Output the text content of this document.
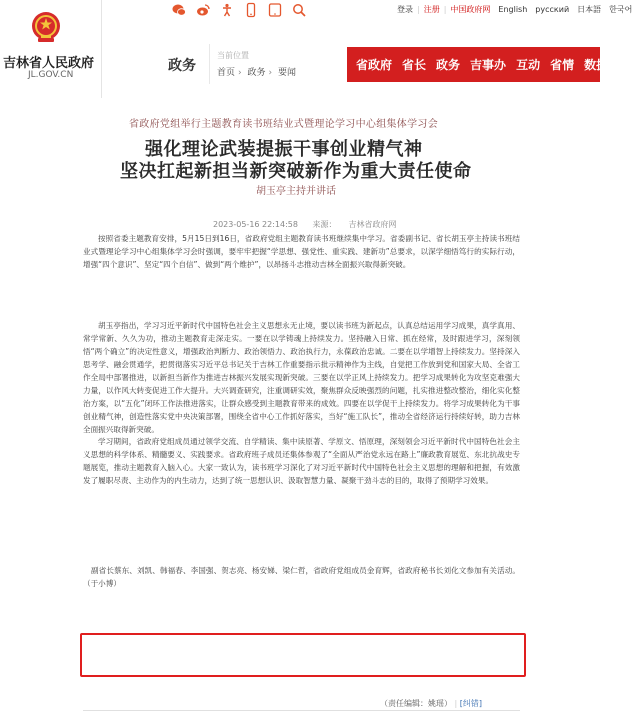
吉林省人民政府
JL.GOV.CN
登录 | 注册 | 中国政府网	English	русский	日本語	한국어
政务
当前位置
首页 › 政务 › 要闻
省政府 省长 政务 吉事办 互动 省情 数据
省政府党组举行主题教育读书班结业式暨理论学习中心组集体学习会
强化理论武装提振干事创业精气神
坚决扛起新担当新突破新作为重大责任使命
胡玉亭主持并讲话
2023-05-16 22:14:58 来源： 吉林省政府网

按照省委主题教育安排，5月15日到16日，省政府党组主题教育读书班继续集中学习。省委副书记、省长胡玉亭主持读书班结业式暨理论学习中心组集体学习会时强调，要牢牢把握“学思想、强党性、重实践、建新功”总要求，以深学细悟笃行的实际行动，增强“四个意识”、坚定“四个自信”、做到“两个维护”，以昂扬斗志推动吉林全面振兴取得新突破。

胡玉亭指出，学习习近平新时代中国特色社会主义思想永无止境，要以读书班为新起点，认真总结运用学习成果，真学真用、常学常新、久久为功，推动主题教育走深走实。一要在以学铸魂上持续发力。坚持融入日常、抓在经常，及时跟进学习，深刻领悟“两个确立”的决定性意义，增强政治判断力、政治领悟力、政治执行力，永葆政治忠诚。二要在以学增智上持续发力。坚持深入思考学、融会贯通学，把贯彻落实习近平总书记关于吉林工作重要指示批示精神作为主线，自觉把工作放到党和国家大局、全省工作全局中部署推进，以新担当新作为推进吉林振兴发展实现新突破。三要在以学正风上持续发力。把学习成果转化为攻坚克难强大力量，以作风大转变促进工作大提升。大兴调查研究，注重调研实效，聚焦群众反映强烈的问题，扎实推进整改整治，细化实化整治方案，以“五化”闭环工作法推进落实，让群众感受到主题教育带来的成效。四要在以学促干上持续发力。将学习成果转化为干事创业精气神，创造性落实党中央决策部署，围绕全省中心工作抓好落实，当好“施工队长”，推动全省经济运行持续好转，助力吉林全面振兴取得新突破。

学习期间，省政府党组成员通过领学交流、自学精读、集中读原著、学原文、悟原理，深刻领会习近平新时代中国特色社会主义思想的科学体系、精髓要义、实践要求。省政府班子成员还集体参观了“全面从严治党永远在路上”廉政教育展览、东北抗战史专题展览，推动主题教育入脑入心。大家一致认为，读书班学习深化了对习近平新时代中国特色社会主义思想的理解和把握，有效激发了履职尽责、主动作为的内生动力，达到了统一思想认识、汲取智慧力量、凝聚干劲斗志的目的，取得了预期学习效果。

副省长蔡东、刘凯、韩福春、李国强、贺志亮、杨安娣、梁仁哲，省政府党组成员金育辉，省政府秘书长刘化文参加有关活动。（于小博）

（责任编辑：姚瑶） | [纠错]
